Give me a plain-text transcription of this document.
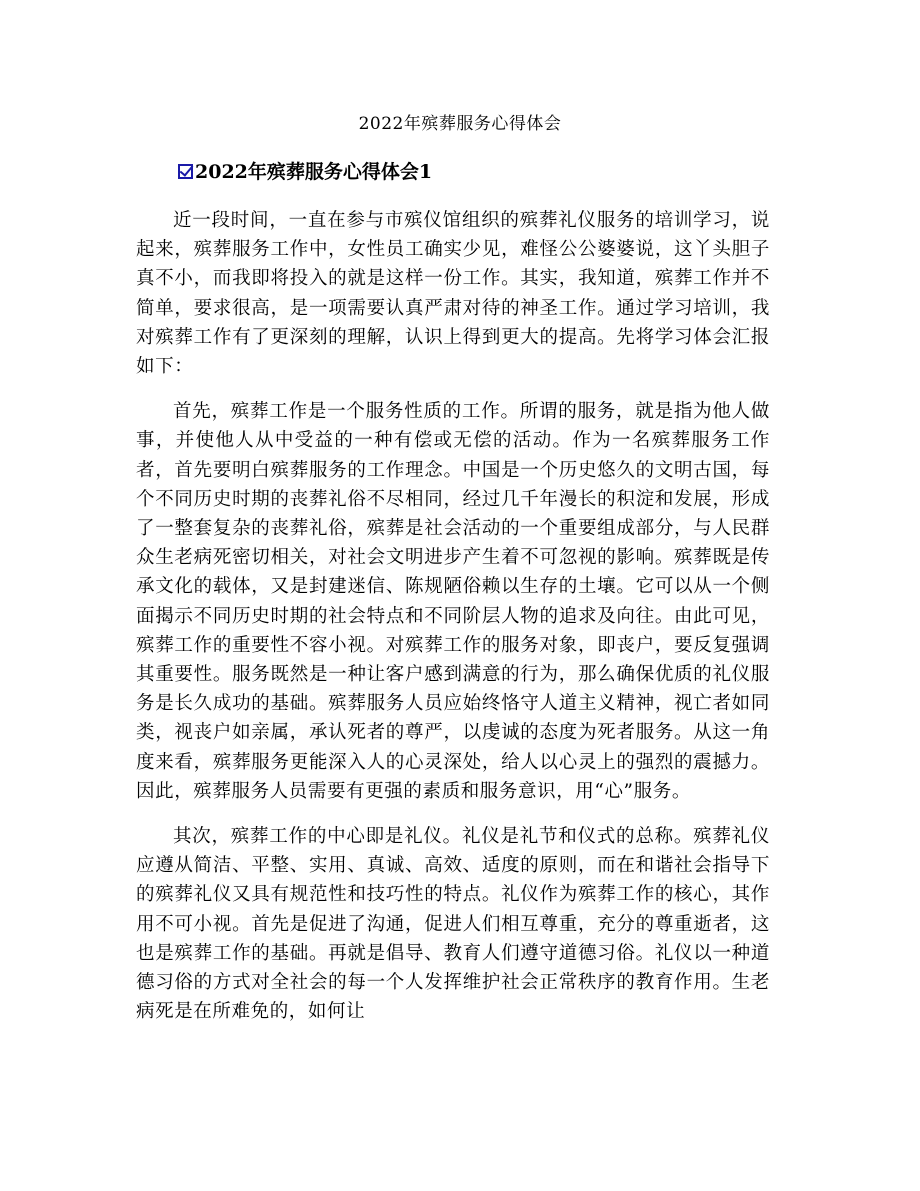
2022年殡葬服务心得体会
2022年殡葬服务心得体会1

近一段时间，一直在参与市殡仪馆组织的殡葬礼仪服务的培训学习，说起来，殡葬服务工作中，女性员工确实少见，难怪公公婆婆说，这丫头胆子真不小，而我即将投入的就是这样一份工作。其实，我知道，殡葬工作并不简单，要求很高，是一项需要认真严肃对待的神圣工作。通过学习培训，我对殡葬工作有了更深刻的理解，认识上得到更大的提高。先将学习体会汇报如下：

首先，殡葬工作是一个服务性质的工作。所谓的服务，就是指为他人做事，并使他人从中受益的一种有偿或无偿的活动。作为一名殡葬服务工作者，首先要明白殡葬服务的工作理念。中国是一个历史悠久的文明古国，每个不同历史时期的丧葬礼俗不尽相同，经过几千年漫长的积淀和发展，形成了一整套复杂的丧葬礼俗，殡葬是社会活动的一个重要组成部分，与人民群众生老病死密切相关，对社会文明进步产生着不可忽视的影响。殡葬既是传承文化的载体，又是封建迷信、陈规陋俗赖以生存的土壤。它可以从一个侧面揭示不同历史时期的社会特点和不同阶层人物的追求及向往。由此可见，殡葬工作的重要性不容小视。对殡葬工作的服务对象，即丧户，要反复强调其重要性。服务既然是一种让客户感到满意的行为，那么确保优质的礼仪服务是长久成功的基础。殡葬服务人员应始终恪守人道主义精神，视亡者如同类，视丧户如亲属，承认死者的尊严，以虔诚的态度为死者服务。从这一角度来看，殡葬服务更能深入人的心灵深处，给人以心灵上的强烈的震撼力。因此，殡葬服务人员需要有更强的素质和服务意识，用“心”服务。

其次，殡葬工作的中心即是礼仪。礼仪是礼节和仪式的总称。殡葬礼仪应遵从简洁、平整、实用、真诚、高效、适度的原则，而在和谐社会指导下的殡葬礼仪又具有规范性和技巧性的特点。礼仪作为殡葬工作的核心，其作用不可小视。首先是促进了沟通，促进人们相互尊重，充分的尊重逝者，这也是殡葬工作的基础。再就是倡导、教育人们遵守道德习俗。礼仪以一种道德习俗的方式对全社会的每一个人发挥维护社会正常秩序的教育作用。生老病死是在所难免的，如何让
